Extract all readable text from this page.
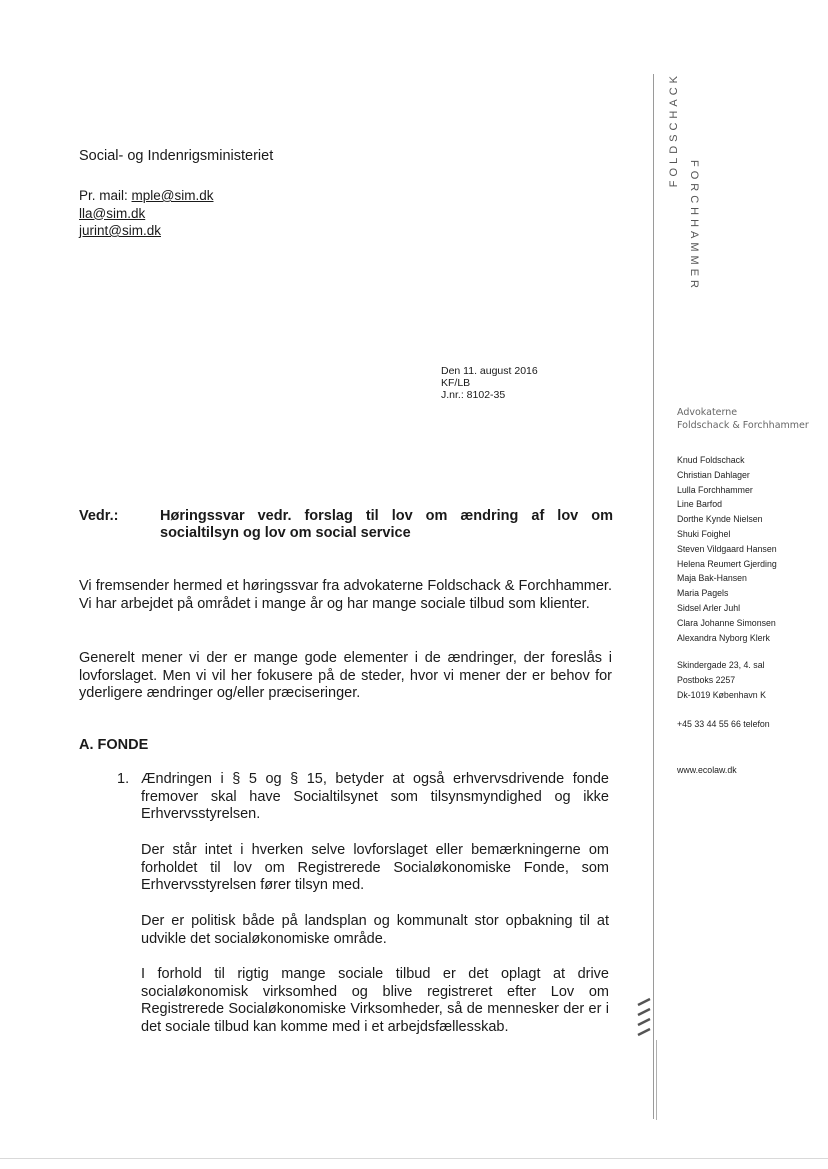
Social- og Indenrigsministeriet
Pr. mail: mple@sim.dk
lla@sim.dk
jurint@sim.dk
Den 11. august 2016
KF/LB
J.nr.: 8102-35
Vedr.:	Høringssvar vedr. forslag til lov om ændring af lov om socialtilsyn og lov om social service
Vi fremsender hermed et høringssvar fra advokaterne Foldschack & Forchhammer. Vi har arbejdet på området i mange år og har mange sociale tilbud som klienter.
Generelt mener vi der er mange gode elementer i de ændringer, der foreslås i lovforslaget. Men vi vil her fokusere på de steder, hvor vi mener der er behov for yderligere ændringer og/eller præciseringer.
A. FONDE
1. Ændringen i § 5 og § 15, betyder at også erhvervsdrivende fonde fremover skal have Socialtilsynet som tilsynsmyndighed og ikke Erhvervsstyrelsen.
Der står intet i hverken selve lovforslaget eller bemærkningerne om forholdet til lov om Registrerede Socialøkonomiske Fonde, som Erhvervsstyrelsen fører tilsyn med.
Der er politisk både på landsplan og kommunalt stor opbakning til at udvikle det socialøkonomiske område.
I forhold til rigtig mange sociale tilbud er det oplagt at drive socialøkonomisk virksomhed og blive registreret efter Lov om Registrerede Socialøkonomiske Virksomheder, så de mennesker der er i det sociale tilbud kan komme med i et arbejdsfællesskab.
FOLDSCHACK
FORCHHAMMER
Advokaterne
Foldschack & Forchhammer
Knud Foldschack
Christian Dahlager
Lulla Forchhammer
Line Barfod
Dorthe Kynde Nielsen
Shuki Foighel
Steven Vildgaard Hansen
Helena Reumert Gjerding
Maja Bak-Hansen
Maria Pagels
Sidsel Arler Juhl
Clara Johanne Simonsen
Alexandra Nyborg Klerk
Skindergade 23, 4. sal
Postboks 2257
Dk-1019 København K
+45 33 44 55 66 telefon
www.ecolaw.dk
